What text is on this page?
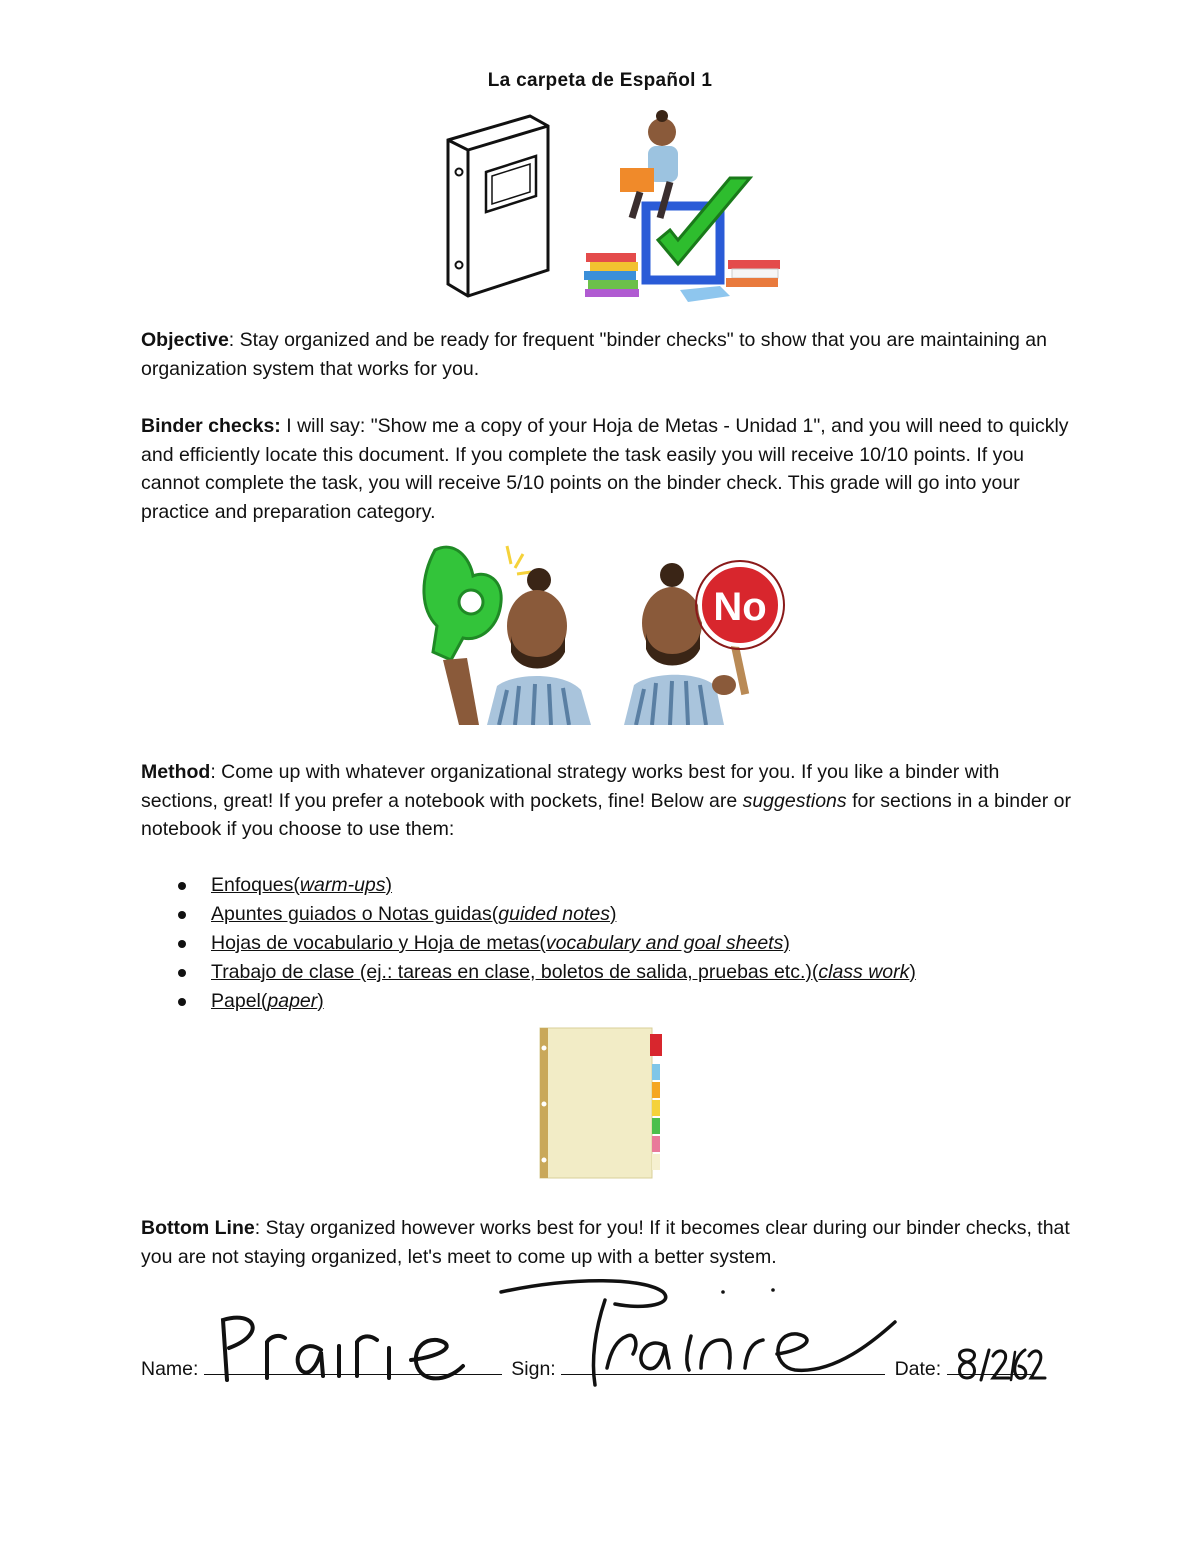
La carpeta de Español 1
Objective: Stay organized and be ready for frequent "binder checks" to show that you are maintaining an organization system that works for you.
Binder checks: I will say: "Show me a copy of your Hoja de Metas - Unidad 1", and you will need to quickly and efficiently locate this document. If you complete the task easily you will receive 10/10 points. If you cannot complete the task, you will receive 5/10 points on the binder check. This grade will go into your practice and preparation category.
No
Method: Come up with whatever organizational strategy works best for you. If you like a binder with sections, great! If you prefer a notebook with pockets, fine! Below are suggestions for sections in a binder or notebook if you choose to use them:
Enfoques(warm-ups)
Apuntes guiados o Notas guidas(guided notes)
Hojas de vocabulario y Hoja de metas(vocabulary and goal sheets)
Trabajo de clase (ej.: tareas en clase, boletos de salida, pruebas etc.)(class work)
Papel(paper)
Bottom Line: Stay organized however works best for you! If it becomes clear during our binder checks, that you are not staying organized, let's meet to come up with a better system.
Name:	Sign:	Date:
